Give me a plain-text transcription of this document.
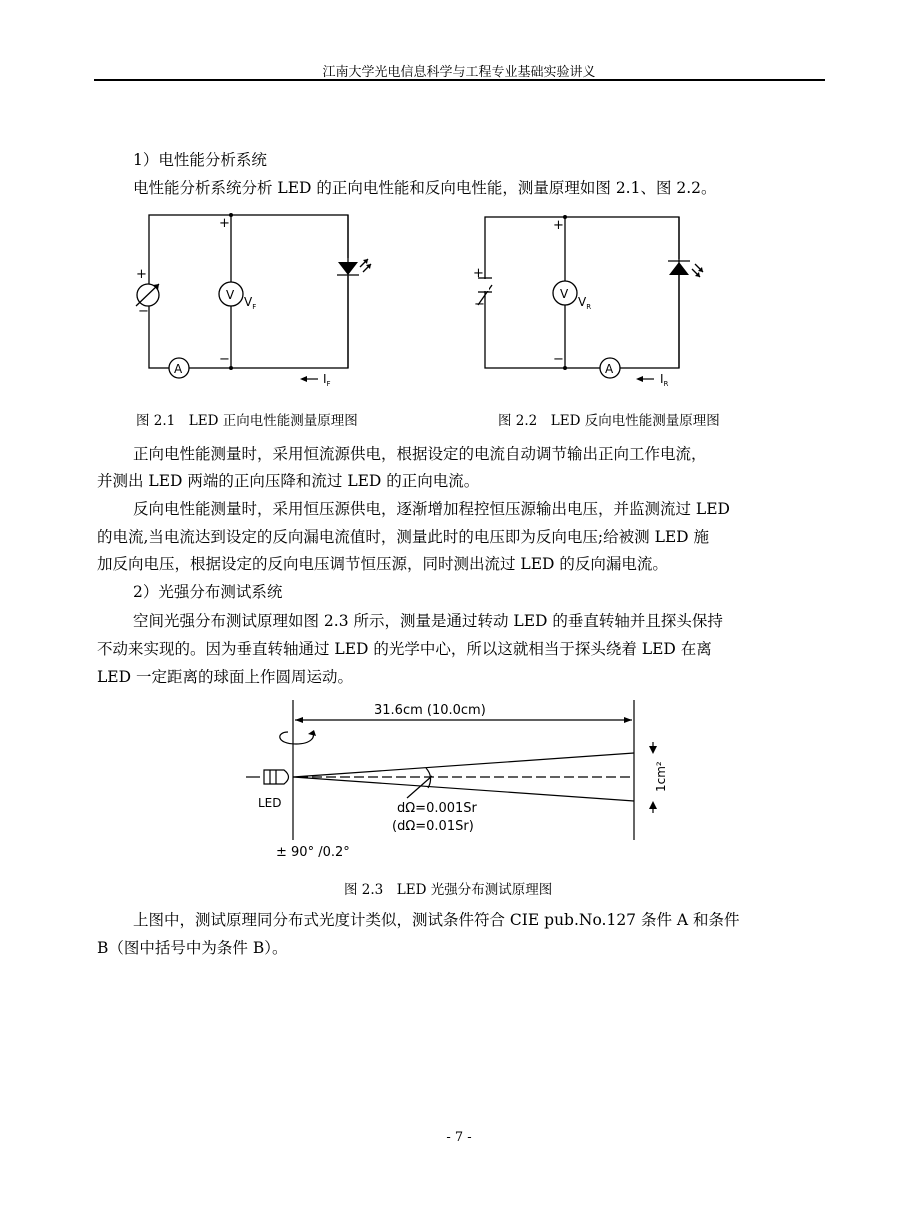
江南大学光电信息科学与工程专业基础实验讲义
1）电性能分析系统
电性能分析系统分析 LED 的正向电性能和反向电性能，测量原理如图 2.1、图 2.2。
+
−
+
−
V
A
$V_F$
$I_F$
+
−
+
−
V
A
$V_R$
$I_R$
图 2.1　LED 正向电性能测量原理图	图 2.2　LED 反向电性能测量原理图
正向电性能测量时，采用恒流源供电，根据设定的电流自动调节输出正向工作电流，
并测出 LED 两端的正向压降和流过 LED 的正向电流。
反向电性能测量时，采用恒压源供电，逐渐增加程控恒压源输出电压，并监测流过 LED
的电流,当电流达到设定的反向漏电流值时，测量此时的电压即为反向电压;给被测 LED 施
加反向电压，根据设定的反向电压调节恒压源，同时测出流过 LED 的反向漏电流。
2）光强分布测试系统
空间光强分布测试原理如图 2.3 所示，测量是通过转动 LED 的垂直转轴并且探头保持
不动来实现的。因为垂直转轴通过 LED 的光学中心，所以这就相当于探头绕着 LED 在离
LED 一定距离的球面上作圆周运动。
31.6cm (10.0cm)
LED	dΩ=0.001Sr
(dΩ=0.01Sr)
1cm²
± 90° /0.2°
图 2.3　LED 光强分布测试原理图
上图中，测试原理同分布式光度计类似，测试条件符合 CIE pub.No.127 条件 A 和条件
B（图中括号中为条件 B）。
- 7 -
